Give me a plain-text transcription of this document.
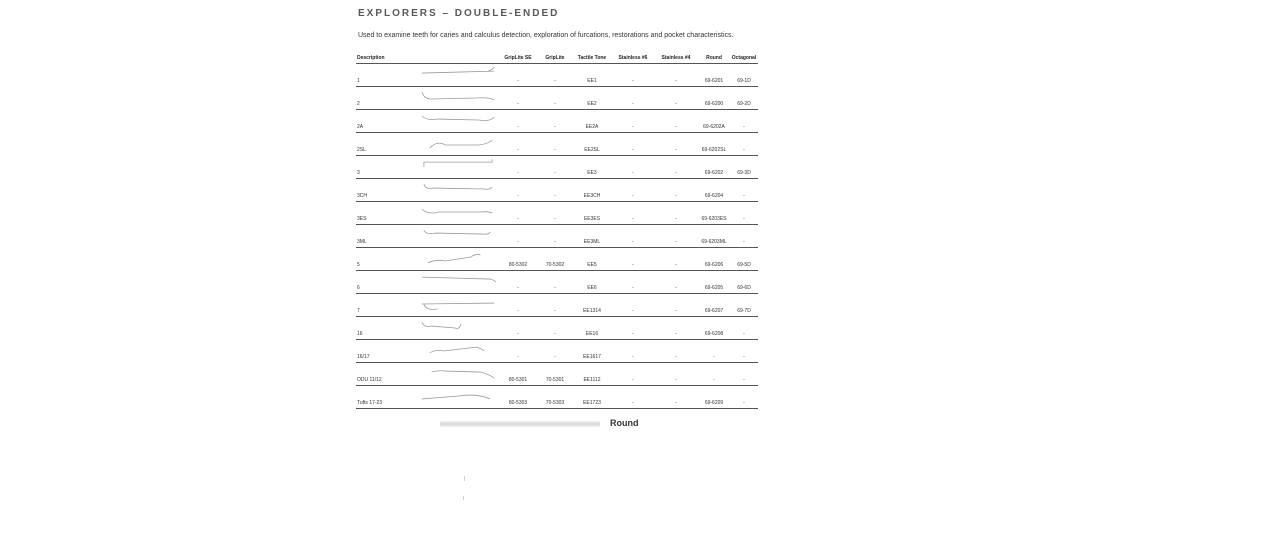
EXPLORERS – DOUBLE-ENDED
Used to examine teeth for caries and calculus detection, exploration of furcations, restorations and pocket characteristics.
Description		GripLite SE	GripLite	Tactile Tone	Stainless #6	Stainless #4	Round	Octagonal
1		-	-	EE1	-	-	69-6201	69-1D
2		-	-	EE2	-	-	69-6200	69-2D
2A		-	-	EE2A	-	-	69-6202A	-
2SL		-	-	EE2SL	-	-	69-6202SL	-
3		-	-	EE3	-	-	69-6202	69-3D
3CH		-	-	EE3CH	-	-	69-6204	-
3ES		-	-	EE3ES	-	-	69-6203ES	-
3ML		-	-	EE3ML	-	-	69-6203ML	-
5		80-5302	70-5302	EE5	-	-	69-6206	69-5D
6		-	-	EE6	-	-	69-6205	69-6D
7		-	-	EE1314	-	-	69-6207	69-7D
16		-	-	EE16	-	-	69-6208	-
16/17		-	-	EE1617	-	-	-	-
ODU 11/12		80-5301	70-5301	EE1112	-	-	-	-
Tufts 17-23		80-5303	70-5303	EE1723	-	-	69-6209	-
Round
